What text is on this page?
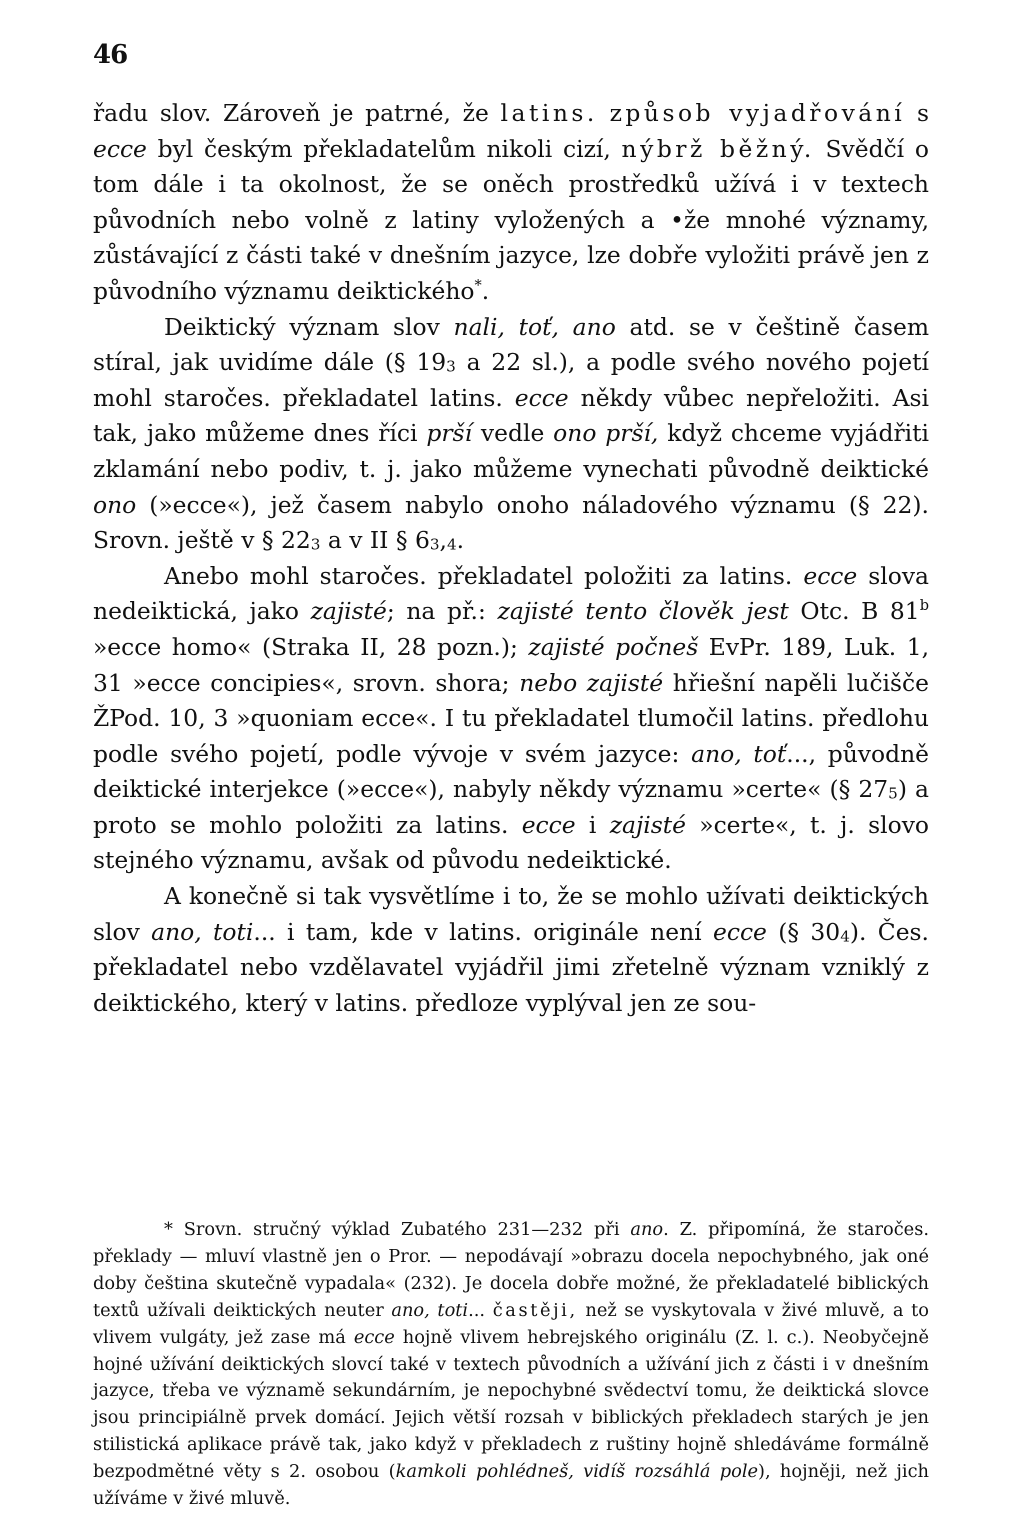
46

řadu slov. Zároveň je patrné, že latins. způsob vyjadřování s ecce byl českým překladatelům nikoli cizí, nýbrž běžný. Svědčí o tom dále i ta okolnost, že se oněch prostředků užívá i v textech původních nebo volně z latiny vyložených a •že mnohé významy, zůstávající z části také v dnešním jazyce, lze dobře vyložiti právě jen z původního významu deiktického*.

Deiktický význam slov nali, toť, ano atd. se v češtině časem stíral, jak uvidíme dále (§ $19_3$ a 22 sl.), a podle svého nového pojetí mohl staročes. překladatel latins. ecce někdy vůbec nepřeložiti. Asi tak, jako můžeme dnes říci prší vedle ono prší, když chceme vyjádřiti zklamání nebo podiv, t. j. jako můžeme vynechati původně deiktické ono (»ecce«), jež časem nabylo onoho náladového významu (§ 22). Srovn. ještě v § $22_3$ a v II § $6_3,_4$.

Anebo mohl staročes. překladatel položiti za latins. ecce slova nedeiktická, jako zajisté; na př.: zajisté tento člověk jest Otc. B 81$^b$ »ecce homo« (Straka II, 28 pozn.); zajisté počneš EvPr. 189, Luk. 1, 31 »ecce concipies«, srovn. shora; nebo zajisté hřiešní napěli lučišče ŽPod. 10, 3 »quoniam ecce«. I tu překladatel tlumočil latins. předlohu podle svého pojetí, podle vývoje v svém jazyce: ano, toť..., původně deiktické interjekce (»ecce«), nabyly někdy významu »certe« (§ $27_5$) a proto se mohlo položiti za latins. ecce i zajisté »certe«, t. j. slovo stejného významu, avšak od původu nedeiktické.

A konečně si tak vysvětlíme i to, že se mohlo užívati deiktických slov ano, toti... i tam, kde v latins. originále není ecce (§ $30_4$). Čes. překladatel nebo vzdělavatel vyjádřil jimi zřetelně význam vzniklý z deiktického, který v latins. předloze vyplýval jen ze sou-

* Srovn. stručný výklad Zubatého 231—232 při ano. Z. připomíná, že staročes. překlady — mluví vlastně jen o Pror. — nepodávají »obrazu docela nepochybného, jak oné doby čeština skutečně vypadala« (232). Je docela dobře možné, že překladatelé biblických textů užívali deiktických neuter ano, toti... častěji, než se vyskytovala v živé mluvě, a to vlivem vulgáty, jež zase má ecce hojně vlivem hebrejského originálu (Z. l. c.). Neobyčejně hojné užívání deiktických slovcí také v textech původních a užívání jich z části i v dnešním jazyce, třeba ve významě sekundárním, je nepochybné svědectví tomu, že deiktická slovce jsou principiálně prvek domácí. Jejich větší rozsah v biblických překladech starých je jen stilistická aplikace právě tak, jako když v překladech z ruštiny hojně shledáváme formálně bezpodmětné věty s 2. osobou (kamkoli pohlédneš, vidíš rozsáhlá pole), hojněji, než jich užíváme v živé mluvě.
